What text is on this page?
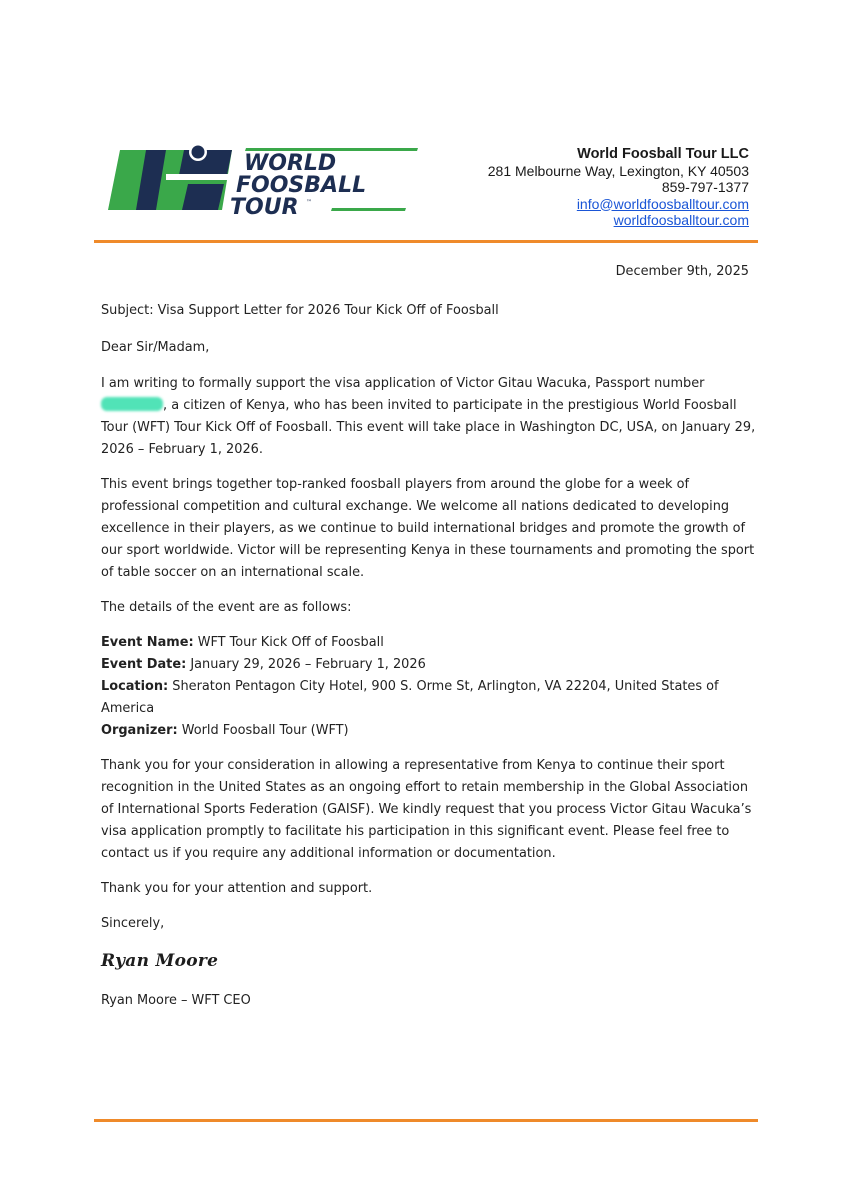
WORLD
FOOSBALL
TOUR ™
World Foosball Tour LLC
281 Melbourne Way, Lexington, KY 40503
859-797-1377
info@worldfoosballtour.com
worldfoosballtour.com
December 9th, 2025

Subject: Visa Support Letter for 2026 Tour Kick Off of Foosball

Dear Sir/Madam,

I am writing to formally support the visa application of Victor Gitau Wacuka, Passport number
, a citizen of Kenya, who has been invited to participate in the prestigious World Foosball Tour (WFT) Tour Kick Off of Foosball. This event will take place in Washington DC, USA, on January 29, 2026 – February 1, 2026.

This event brings together top-ranked foosball players from around the globe for a week of professional competition and cultural exchange. We welcome all nations dedicated to developing excellence in their players, as we continue to build international bridges and promote the growth of our sport worldwide. Victor will be representing Kenya in these tournaments and promoting the sport of table soccer on an international scale.

The details of the event are as follows:

Event Name: WFT Tour Kick Off of Foosball
Event Date: January 29, 2026 – February 1, 2026
Location: Sheraton Pentagon City Hotel, 900 S. Orme St, Arlington, VA 22204, United States of America
Organizer: World Foosball Tour (WFT)

Thank you for your consideration in allowing a representative from Kenya to continue their sport recognition in the United States as an ongoing effort to retain membership in the Global Association of International Sports Federation (GAISF). We kindly request that you process Victor Gitau Wacuka’s visa application promptly to facilitate his participation in this significant event. Please feel free to contact us if you require any additional information or documentation.

Thank you for your attention and support.

Sincerely,

Ryan Moore

Ryan Moore – WFT CEO
